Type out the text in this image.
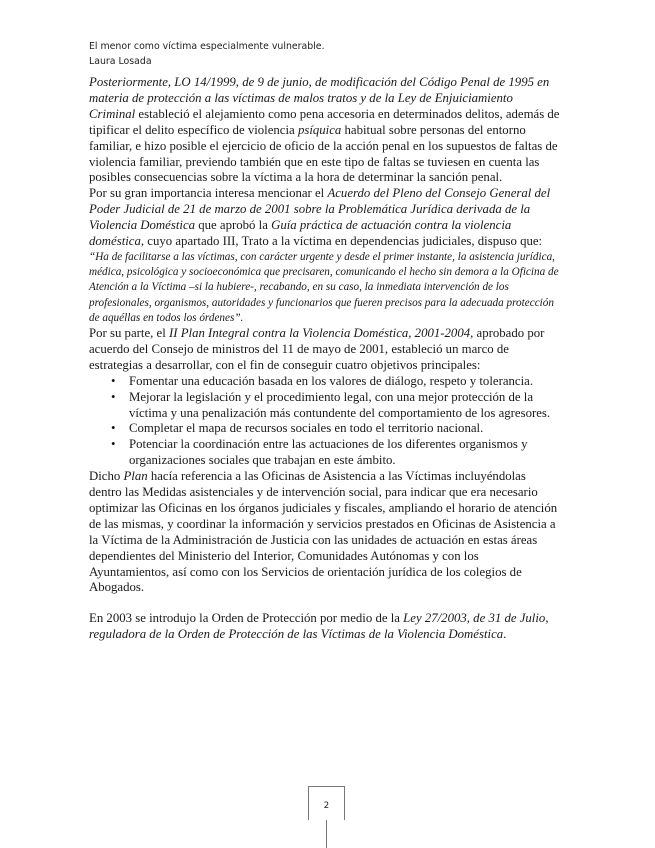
El menor como víctima especialmente vulnerable.
Laura Losada

Posteriormente, LO 14/1999, de 9 de junio, de modificación del Código Penal de 1995 en materia de protección a las víctimas de malos tratos y de la Ley de Enjuiciamiento Criminal estableció el alejamiento como pena accesoria en determinados delitos, además de tipificar el delito específico de violencia psíquica habitual sobre personas del entorno familiar, e hizo posible el ejercicio de oficio de la acción penal en los supuestos de faltas de violencia familiar, previendo también que en este tipo de faltas se tuviesen en cuenta las posibles consecuencias sobre la víctima a la hora de determinar la sanción penal.

Por su gran importancia interesa mencionar el Acuerdo del Pleno del Consejo General del Poder Judicial de 21 de marzo de 2001 sobre la Problemática Jurídica derivada de la Violencia Doméstica que aprobó la Guía práctica de actuación contra la violencia doméstica, cuyo apartado III, Trato a la víctima en dependencias judiciales, dispuso que:

“Ha de facilitarse a las víctimas, con carácter urgente y desde el primer instante, la asistencia jurídica, médica, psicológica y socioeconómica que precisaren, comunicando el hecho sin demora a la Oficina de Atención a la Víctima –si la hubiere-, recabando, en su caso, la inmediata intervención de los profesionales, organismos, autoridades y funcionarios que fueren precisos para la adecuada protección de aquéllas en todos los órdenes”.

Por su parte, el II Plan Integral contra la Violencia Doméstica, 2001-2004, aprobado por acuerdo del Consejo de ministros del 11 de mayo de 2001, estableció un marco de estrategias a desarrollar, con el fin de conseguir cuatro objetivos principales:

• Fomentar una educación basada en los valores de diálogo, respeto y tolerancia.
• Mejorar la legislación y el procedimiento legal, con una mejor protección de la víctima y una penalización más contundente del comportamiento de los agresores.
• Completar el mapa de recursos sociales en todo el territorio nacional.
• Potenciar la coordinación entre las actuaciones de los diferentes organismos y organizaciones sociales que trabajan en este ámbito.

Dicho Plan hacía referencia a las Oficinas de Asistencia a las Víctimas incluyéndolas dentro las Medidas asistenciales y de intervención social, para indicar que era necesario optimizar las Oficinas en los órganos judiciales y fiscales, ampliando el horario de atención de las mismas, y coordinar la información y servicios prestados en Oficinas de Asistencia a la Víctima de la Administración de Justicia con las unidades de actuación en estas áreas dependientes del Ministerio del Interior, Comunidades Autónomas y con los Ayuntamientos, así como con los Servicios de orientación jurídica de los colegios de Abogados.

En 2003 se introdujo la Orden de Protección por medio de la Ley 27/2003, de 31 de Julio, reguladora de la Orden de Protección de las Víctimas de la Violencia Doméstica.

2
